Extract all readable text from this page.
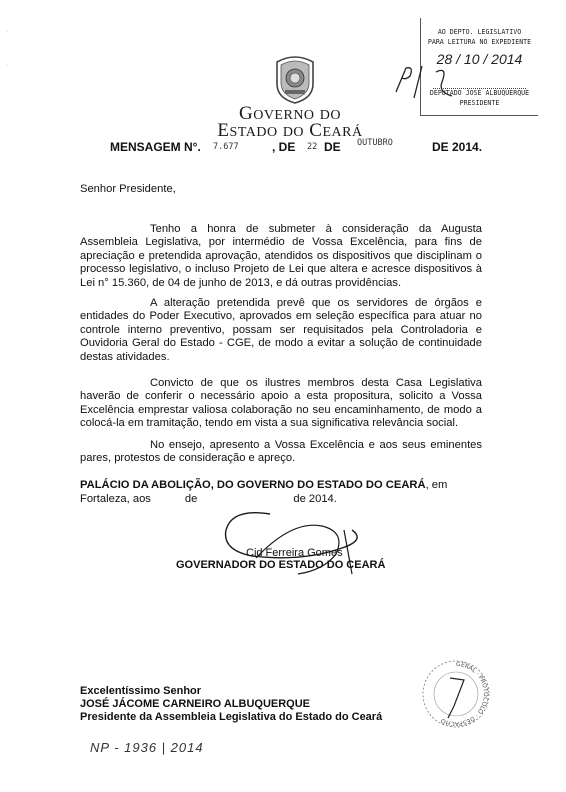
GOVERNO DO
ESTADO DO CEARÁ
AO DEPTO. LEGISLATIVO
PARA LEITURA NO EXPEDIENTE
28 / 10 / 2014
DEPUTADO JOSÉ ALBUQUERQUE
PRESIDENTE
MENSAGEM N°. 7.677	, DE 22 DE OUTUBRO	DE 2014.
Senhor Presidente,
Tenho a honra de submeter à consideração da Augusta Assembleia Legislativa, por intermédio de Vossa Excelência, para fins de apreciação e pretendida aprovação, atendidos os dispositivos que disciplinam o processo legislativo, o incluso Projeto de Lei que altera e acresce dispositivos à Lei n° 15.360, de 04 de junho de 2013, e dá outras providências.
A alteração pretendida prevê que os servidores de órgãos e entidades do Poder Executivo, aprovados em seleção específica para atuar no controle interno preventivo, possam ser requisitados pela Controladoria e Ouvidoria Geral do Estado - CGE, de modo a evitar a solução de continuidade destas atividades.
Convicto de que os ilustres membros desta Casa Legislativa haverão de conferir o necessário apoio a esta propositura, solicito a Vossa Excelência emprestar valiosa colaboração no seu encaminhamento, de modo a colocá-la em tramitação, tendo em vista a sua significativa relevância social.
No ensejo, apresento a Vossa Excelência e aos seus eminentes pares, protestos de consideração e apreço.
PALÁCIO DA ABOLIÇÃO, DO GOVERNO DO ESTADO DO CEARÁ, em
Fortaleza, aos	de	de 2014.
Cid Ferreira Gomes
GOVERNADOR DO ESTADO DO CEARÁ
Excelentíssimo Senhor
JOSÉ JÁCOME CARNEIRO ALBUQUERQUE
Presidente da Assembleia Legislativa do Estado do Ceará
GERAL · PROTOCOLO · DESPACHO
NP - 1936 | 2014
·
·
